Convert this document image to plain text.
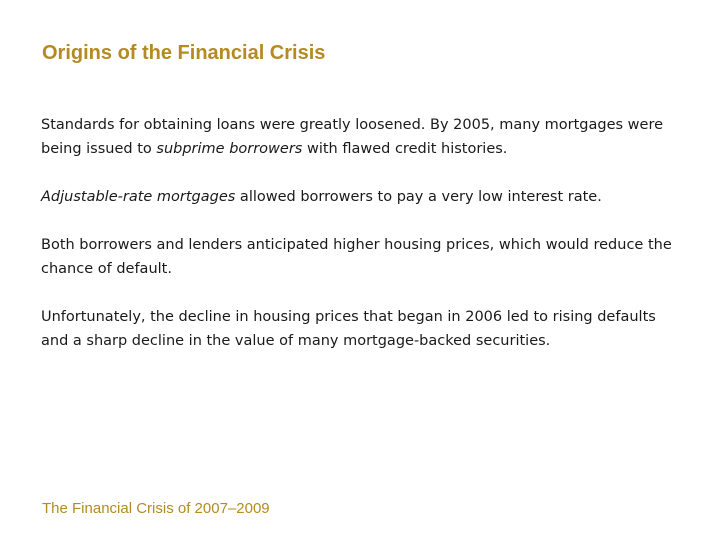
Origins of the Financial Crisis

Standards for obtaining loans were greatly loosened. By 2005, many mortgages were being issued to subprime borrowers with flawed credit histories.

Adjustable-rate mortgages allowed borrowers to pay a very low interest rate.

Both borrowers and lenders anticipated higher housing prices, which would reduce the chance of default.

Unfortunately, the decline in housing prices that began in 2006 led to rising defaults and a sharp decline in the value of many mortgage-backed securities.

The Financial Crisis of 2007–2009
